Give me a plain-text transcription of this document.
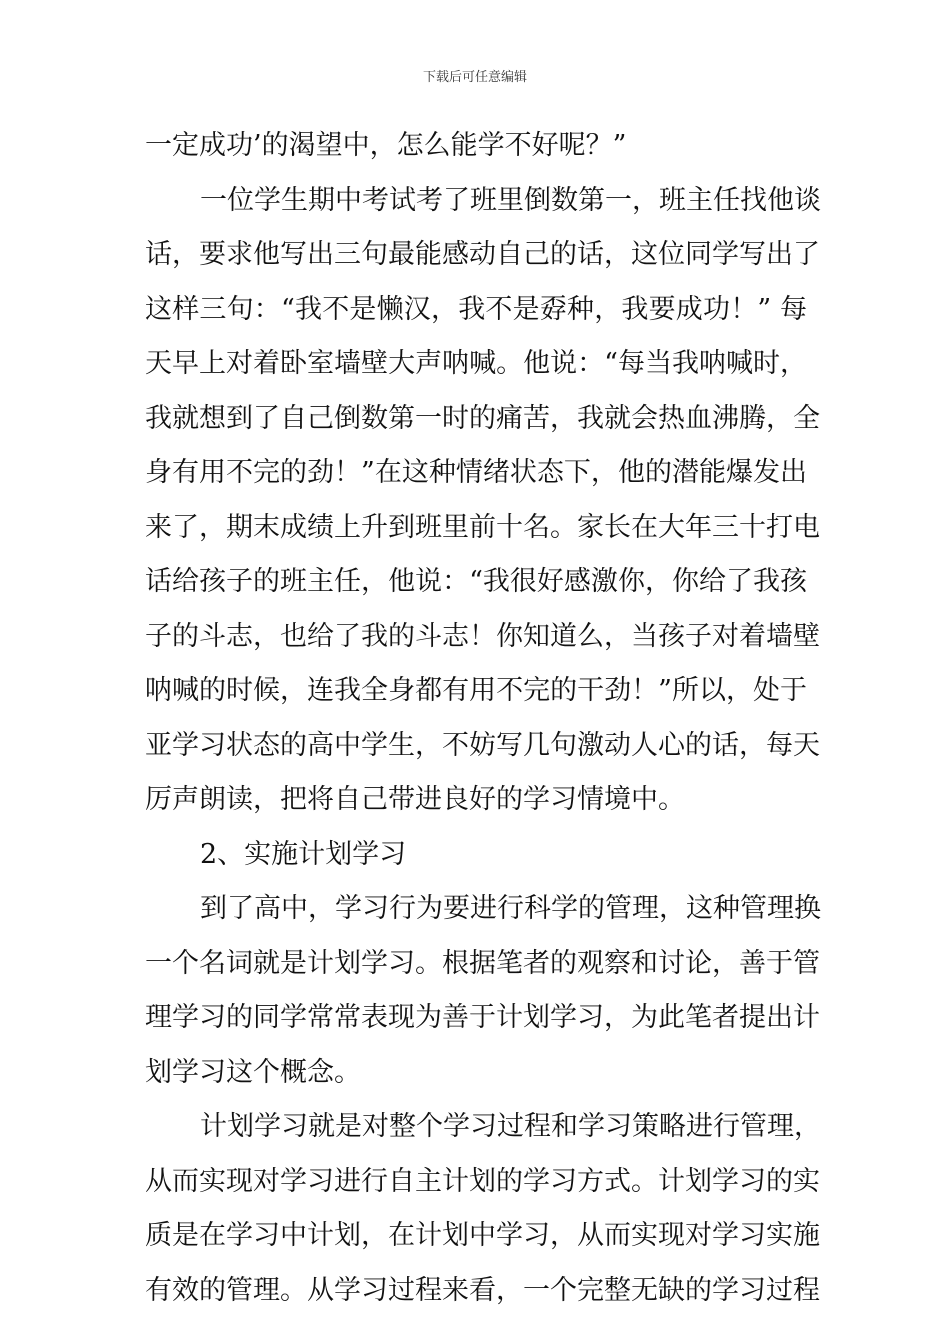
下载后可任意编辑
一定成功’的渴望中，怎么能学不好呢？”
一位学生期中考试考了班里倒数第一，班主任找他谈
话，要求他写出三句最能感动自己的话，这位同学写出了
这样三句：“我不是懒汉，我不是孬种，我要成功！” 每
天早上对着卧室墙壁大声呐喊。他说：“每当我呐喊时，
我就想到了自己倒数第一时的痛苦，我就会热血沸腾，全
身有用不完的劲！”在这种情绪状态下，他的潜能爆发出
来了，期末成绩上升到班里前十名。家长在大年三十打电
话给孩子的班主任，他说：“我很好感激你，你给了我孩
子的斗志，也给了我的斗志！你知道么，当孩子对着墙壁
呐喊的时候，连我全身都有用不完的干劲！”所以，处于
亚学习状态的高中学生，不妨写几句激动人心的话，每天
厉声朗读，把将自己带进良好的学习情境中。
2、实施计划学习
到了高中，学习行为要进行科学的管理，这种管理换
一个名词就是计划学习。根据笔者的观察和讨论，善于管
理学习的同学常常表现为善于计划学习，为此笔者提出计
划学习这个概念。
计划学习就是对整个学习过程和学习策略进行管理，
从而实现对学习进行自主计划的学习方式。计划学习的实
质是在学习中计划，在计划中学习，从而实现对学习实施
有效的管理。从学习过程来看，一个完整无缺的学习过程
